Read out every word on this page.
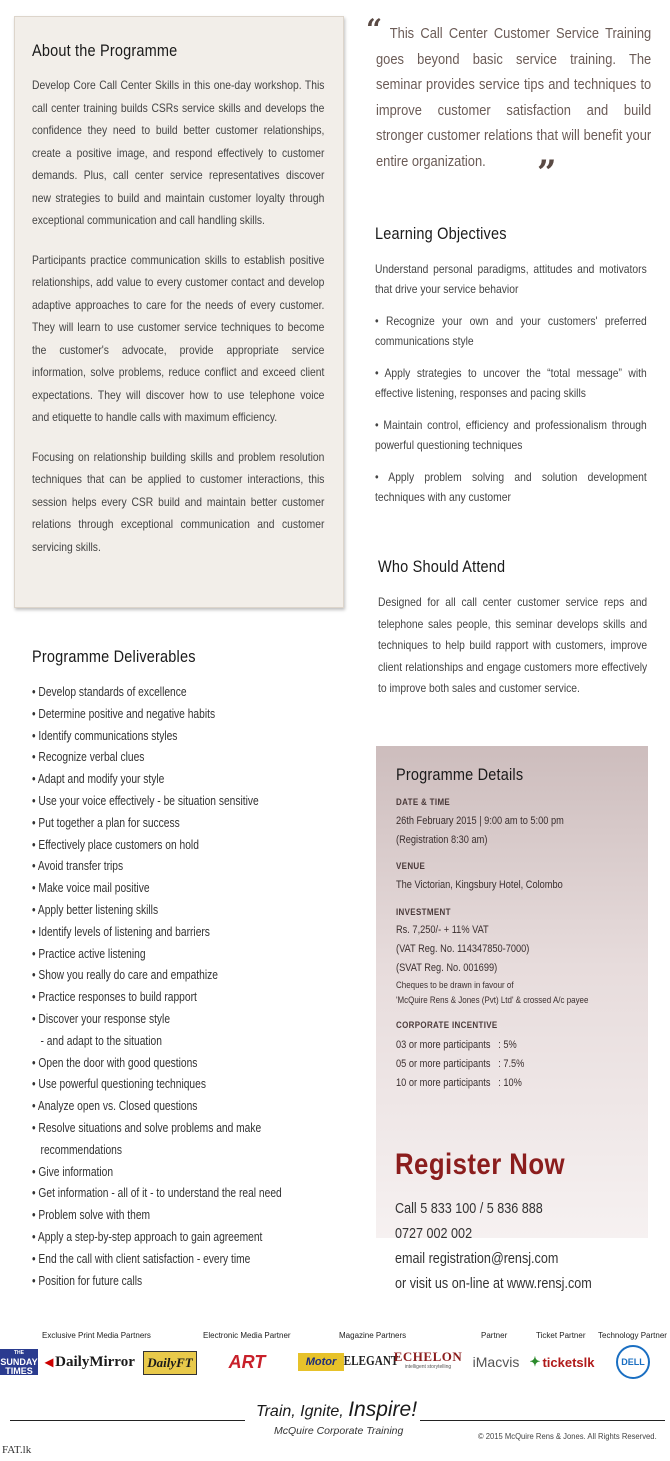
About the Programme

Develop Core Call Center Skills in this one-day workshop. This call center training builds CSRs service skills and develops the confidence they need to build better customer relationships, create a positive image, and respond effectively to customer demands. Plus, call center service representatives discover new strategies to build and maintain customer loyalty through exceptional communication and call handling skills.

Participants practice communication skills to establish positive relationships, add value to every customer contact and develop adaptive approaches to care for the needs of every customer. They will learn to use customer service techniques to become the customer's advocate, provide appropriate service information, solve problems, reduce conflict and exceed client expectations. They will discover how to use telephone voice and etiquette to handle calls with maximum efficiency.

Focusing on relationship building skills and problem resolution techniques that can be applied to customer interactions, this session helps every CSR build and maintain better customer relations through exceptional communication and customer servicing skills.

“ This Call Center Customer Service Training goes beyond basic service training. The seminar provides service tips and techniques to improve customer satisfaction and build stronger customer relations that will benefit your entire organization.	”
Learning Objectives

Understand personal paradigms, attitudes and motivators that drive your service behavior

• Recognize your own and your customers' preferred communications style

• Apply strategies to uncover the “total message” with effective listening, responses and pacing skills

• Maintain control, efficiency and professionalism through powerful questioning techniques

• Apply problem solving and solution development techniques with any customer

Who Should Attend

Designed for all call center customer service reps and telephone sales people, this seminar develops skills and techniques to help build rapport with customers, improve client relationships and engage customers more effectively to improve both sales and customer service.

Programme Deliverables
• Develop standards of excellence
• Determine positive and negative habits
• Identify communications styles
• Recognize verbal clues
• Adapt and modify your style
• Use your voice effectively - be situation sensitive
• Put together a plan for success
• Effectively place customers on hold
• Avoid transfer trips
• Make voice mail positive
• Apply better listening skills
• Identify levels of listening and barriers
• Practice active listening
• Show you really do care and empathize
• Practice responses to build rapport
• Discover your response style
- and adapt to the situation
• Open the door with good questions
• Use powerful questioning techniques
• Analyze open vs. Closed questions
• Resolve situations and solve problems and make
recommendations
• Give information
• Get information - all of it - to understand the real need
• Problem solve with them
• Apply a step-by-step approach to gain agreement
• End the call with client satisfaction - every time
• Position for future calls
Programme Details
DATE & TIME
26th February 2015 | 9:00 am to 5:00 pm
(Registration 8:30 am)
VENUE
The Victorian, Kingsbury Hotel, Colombo
INVESTMENT
Rs. 7,250/- + 11% VAT
(VAT Reg. No. 114347850-7000)
(SVAT Reg. No. 001699)
Cheques to be drawn in favour of
'McQuire Rens & Jones (Pvt) Ltd' & crossed A/c payee
CORPORATE INCENTIVE
03 or more participants   : 5%
05 or more participants   : 7.5%
10 or more participants   : 10%
Register Now
Call 5 833 100 / 5 836 888
0727 002 002
email registration@rensj.com
or visit us on-line at www.rensj.com
Exclusive Print Media Partners	Electronic Media Partner	Magazine Partners	Partner	Ticket Partner Technology Partner
THE
SUNDAY
TIMES ◂ DailyMirror DailyFT ART	Motor ELEGANT
ECHELON
intelligent storytelling	iMacvis ✦ ticketslk	DELL
Train, Ignite, Inspire!
McQuire Corporate Training	© 2015 McQuire Rens & Jones. All Rights Reserved.
FAT.lk
